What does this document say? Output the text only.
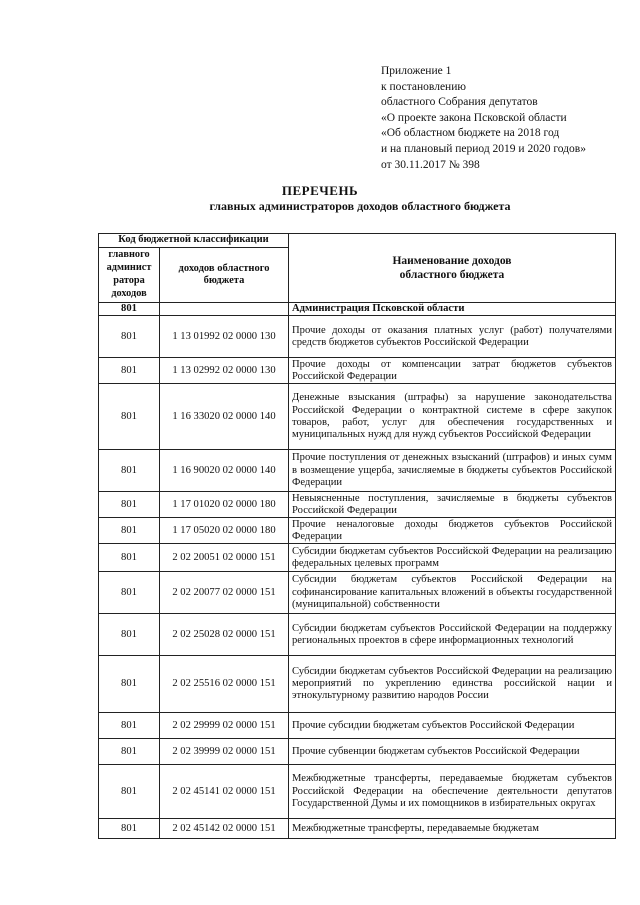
Приложение 1
к постановлению
областного Собрания депутатов
«О проекте закона Псковской области
«Об областном бюджете на 2018 год
и на плановый период 2019 и 2020 годов»
от 30.11.2017 № 398
ПЕРЕЧЕНЬ
главных администраторов доходов областного бюджета
Код бюджетной классификации		Наименование доходов областного бюджета
главного администратора доходов	доходов областного бюджета	
801		Администрация Псковской области
801	1 13 01992 02 0000 130	Прочие доходы от оказания платных услуг (работ) получателями средств бюджетов субъектов Российской Федерации
801	1 13 02992 02 0000 130	Прочие доходы от компенсации затрат бюджетов субъектов Российской Федерации
801	1 16 33020 02 0000 140	Денежные взыскания (штрафы) за нарушение законодательства Российской Федерации о контрактной системе в сфере закупок товаров, работ, услуг для обеспечения государственных и муниципальных нужд для нужд субъектов Российской Федерации
801	1 16 90020 02 0000 140	Прочие поступления от денежных взысканий (штрафов) и иных сумм в возмещение ущерба, зачисляемые в бюджеты субъектов Российской Федерации
801	1 17 01020 02 0000 180	Невыясненные поступления, зачисляемые в бюджеты субъектов Российской Федерации
801	1 17 05020 02 0000 180	Прочие неналоговые доходы бюджетов субъектов Российской Федерации
801	2 02 20051 02 0000 151	Субсидии бюджетам субъектов Российской Федерации на реализацию федеральных целевых программ
801	2 02 20077 02 0000 151	Субсидии бюджетам субъектов Российской Федерации на софинансирование капитальных вложений в объекты государственной (муниципальной) собственности
801	2 02 25028 02 0000 151	Субсидии бюджетам субъектов Российской Федерации на поддержку региональных проектов в сфере информационных технологий
801	2 02 25516 02 0000 151	Субсидии бюджетам субъектов Российской Федерации на реализацию мероприятий по укреплению единства российской нации и этнокультурному развитию народов России
801	2 02 29999 02 0000 151	Прочие субсидии бюджетам субъектов Российской Федерации
801	2 02 39999 02 0000 151	Прочие субвенции бюджетам субъектов Российской Федерации
801	2 02 45141 02 0000 151	Межбюджетные трансферты, передаваемые бюджетам субъектов Российской Федерации на обеспечение деятельности депутатов Государственной Думы и их помощников в избирательных округах
801	2 02 45142 02 0000 151	Межбюджетные трансферты, передаваемые бюджетам
